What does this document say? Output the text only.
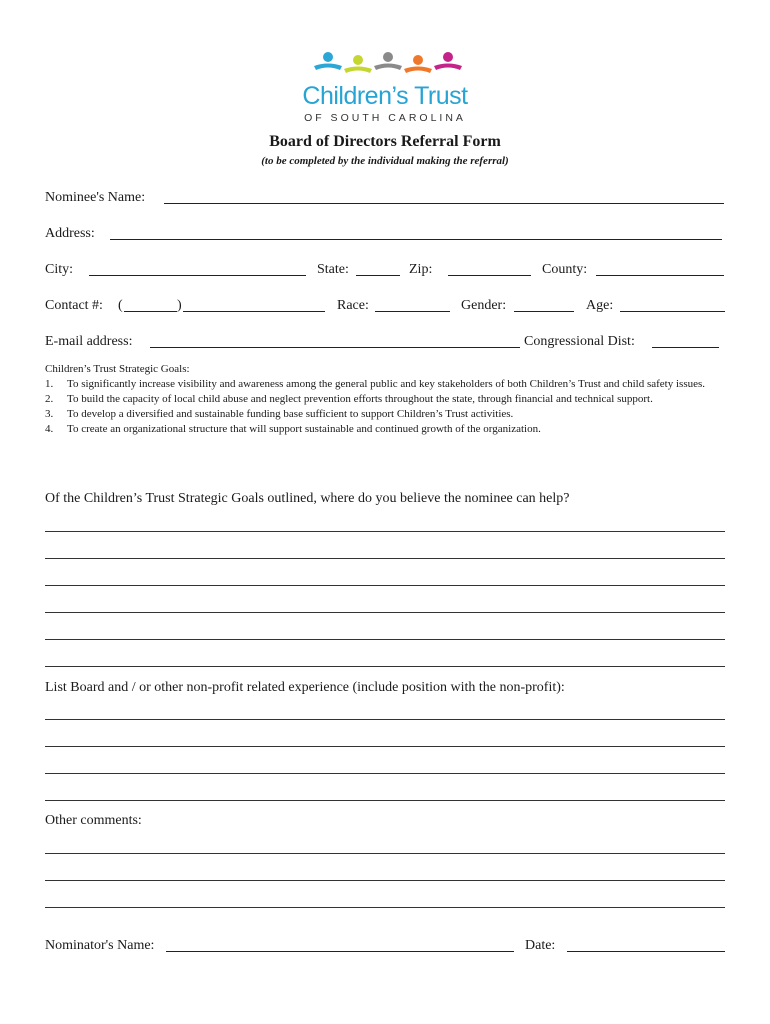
Children’s Trust
OF SOUTH CAROLINA
Board of Directors Referral Form
(to be completed by the individual making the referral)
Nominee's Name:
Address:
City:	State:	Zip:	County:
Contact #: (	)	Race:	Gender:	Age:
E-mail address:	Congressional Dist:
Children’s Trust Strategic Goals:
1. To significantly increase visibility and awareness among the general public and key stakeholders of both Children’s Trust and child safety issues.
2. To build the capacity of local child abuse and neglect prevention efforts throughout the state, through financial and technical support.
3. To develop a diversified and sustainable funding base sufficient to support Children’s Trust activities.
4. To create an organizational structure that will support sustainable and continued growth of the organization.
Of the Children’s Trust Strategic Goals outlined, where do you believe the nominee can help?
List Board and / or other non-profit related experience (include position with the non-profit):
Other comments:
Nominator's Name:	Date:
